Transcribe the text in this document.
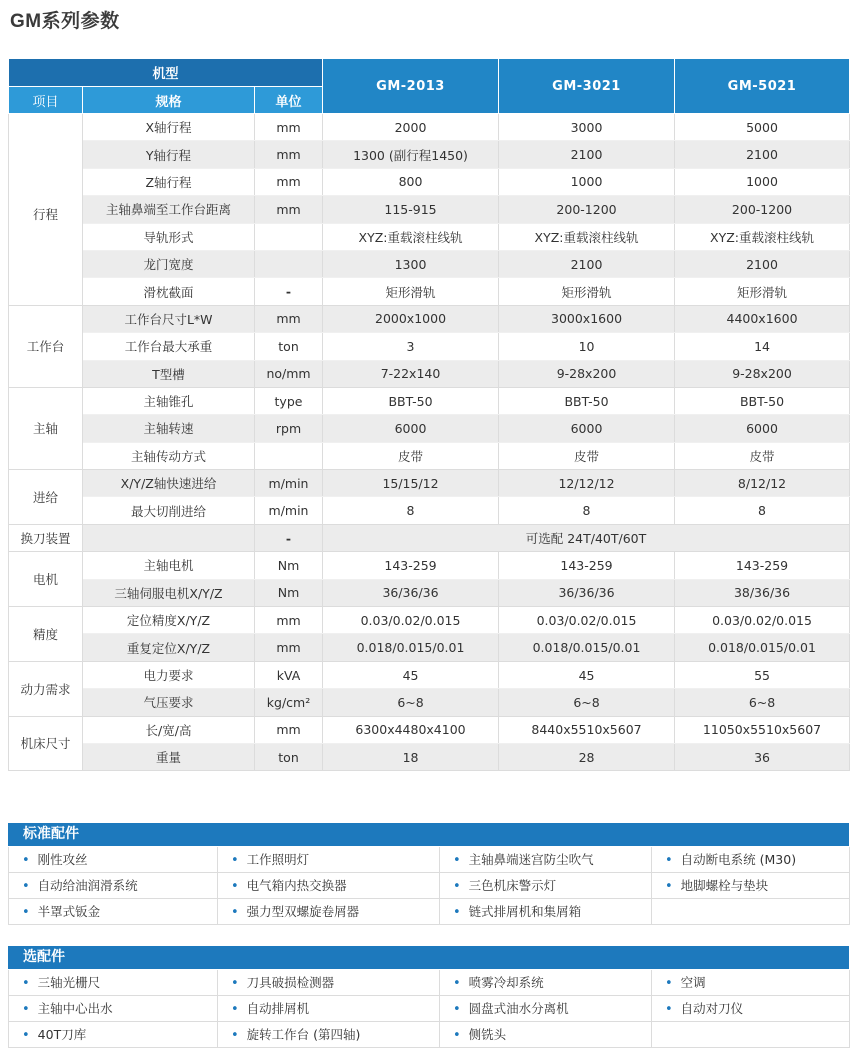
GM系列参数
机型			GM-2013	GM-3021	GM-5021
项目	规格	单位			
行程	X轴行程	mm	2000	3000	5000
	Y轴行程	mm	1300 (副行程1450)	2100	2100
	Z轴行程	mm	800	1000	1000
	主轴鼻端至工作台距离	mm	115-915	200-1200	200-1200
	导轨形式		XYZ:重载滚柱线轨	XYZ:重载滚柱线轨	XYZ:重载滚柱线轨
	龙门宽度		1300	2100	2100
	滑枕截面	-	矩形滑轨	矩形滑轨	矩形滑轨
工作台	工作台尺寸L*W	mm	2000x1000	3000x1600	4400x1600
	工作台最大承重	ton	3	10	14
	T型槽	no/mm	7-22x140	9-28x200	9-28x200
主轴	主轴锥孔	type	BBT-50	BBT-50	BBT-50
	主轴转速	rpm	6000	6000	6000
	主轴传动方式		皮带	皮带	皮带
进给	X/Y/Z轴快速进给	m/min	15/15/12	12/12/12	8/12/12
	最大切削进给	m/min	8	8	8
换刀装置		-	可选配 24T/40T/60T		
电机	主轴电机	Nm	143-259	143-259	143-259
	三轴伺服电机X/Y/Z	Nm	36/36/36	36/36/36	38/36/36
精度	定位精度X/Y/Z	mm	0.03/0.02/0.015	0.03/0.02/0.015	0.03/0.02/0.015
	重复定位X/Y/Z	mm	0.018/0.015/0.01	0.018/0.015/0.01	0.018/0.015/0.01
动力需求	电力要求	kVA	45	45	55
	气压要求	kg/cm²	6~8	6~8	6~8
机床尺寸	长/宽/高	mm	6300x4480x4100	8440x5510x5607	11050x5510x5607
	重量	ton	18	28	36
标准配件
• 刚性攻丝	• 工作照明灯	• 主轴鼻端迷宫防尘吹气	• 自动断电系统 (M30)
• 自动给油润滑系统	• 电气箱内热交换器	• 三色机床警示灯	• 地脚螺栓与垫块
• 半罩式钣金	• 强力型双螺旋卷屑器	• 链式排屑机和集屑箱
选配件
• 三轴光栅尺	• 刀具破损检测器	• 喷雾冷却系统	• 空调
• 主轴中心出水	• 自动排屑机	• 圆盘式油水分离机	• 自动对刀仪
• 40T刀库	• 旋转工作台 (第四轴)	• 侧铣头
